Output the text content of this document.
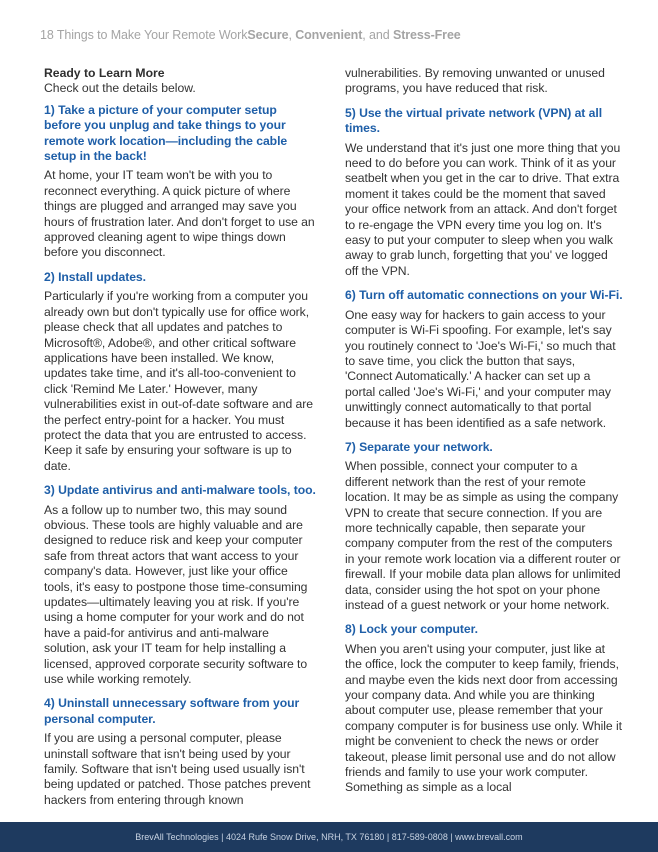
18 Things to Make Your Remote WorkSecure, Convenient, and Stress-Free
Ready to Learn More
Check out the details below.
1) Take a picture of your computer setup before you unplug and take things to your remote work location—including the cable setup in the back!

At home, your IT team won't be with you to reconnect everything. A quick picture of where things are plugged and arranged may save you hours of frustration later. And don't forget to use an approved cleaning agent to wipe things down before you disconnect.

2) Install updates.

Particularly if you're working from a computer you already own but don't typically use for office work, please check that all updates and patches to Microsoft®, Adobe®, and other critical software applications have been installed. We know, updates take time, and it's all-too-convenient to click 'Remind Me Later.' However, many vulnerabilities exist in out-of-date software and are the perfect entry-point for a hacker. You must protect the data that you are entrusted to access. Keep it safe by ensuring your software is up to date.

3) Update antivirus and anti-malware tools, too.

As a follow up to number two, this may sound obvious. These tools are highly valuable and are designed to reduce risk and keep your computer safe from threat actors that want access to your company's data. However, just like your office tools, it's easy to postpone those time-consuming updates—ultimately leaving you at risk. If you're using a home computer for your work and do not have a paid-for antivirus and anti-malware solution, ask your IT team for help installing a licensed, approved corporate security software to use while working remotely.

4) Uninstall unnecessary software from your personal computer.

If you are using a personal computer, please uninstall software that isn't being used by your family. Software that isn't being used usually isn't being updated or patched. Those patches prevent hackers from entering through known

vulnerabilities. By removing unwanted or unused programs, you have reduced that risk.

5) Use the virtual private network (VPN) at all times.

We understand that it's just one more thing that you need to do before you can work. Think of it as your seatbelt when you get in the car to drive. That extra moment it takes could be the moment that saved your office network from an attack. And don't forget to re-engage the VPN every time you log on. It's easy to put your computer to sleep when you walk away to grab lunch, forgetting that you' ve logged off the VPN.

6) Turn off automatic connections on your Wi-Fi.

One easy way for hackers to gain access to your computer is Wi-Fi spoofing. For example, let's say you routinely connect to 'Joe's Wi-Fi,' so much that to save time, you click the button that says, 'Connect Automatically.' A hacker can set up a portal called 'Joe's Wi-Fi,' and your computer may unwittingly connect automatically to that portal because it has been identified as a safe network.

7) Separate your network.

When possible, connect your computer to a different network than the rest of your remote location. It may be as simple as using the company VPN to create that secure connection. If you are more technically capable, then separate your company computer from the rest of the computers in your remote work location via a different router or firewall. If your mobile data plan allows for unlimited data, consider using the hot spot on your phone instead of a guest network or your home network.

8) Lock your computer.

When you aren't using your computer, just like at the office, lock the computer to keep family, friends, and maybe even the kids next door from accessing your company data. And while you are thinking about computer use, please remember that your company computer is for business use only. While it might be convenient to check the news or order takeout, please limit personal use and do not allow friends and family to use your work computer. Something as simple as a local

BrevAll Technologies | 4024 Rufe Snow Drive, NRH, TX 76180 | 817-589-0808 | www.brevall.com
